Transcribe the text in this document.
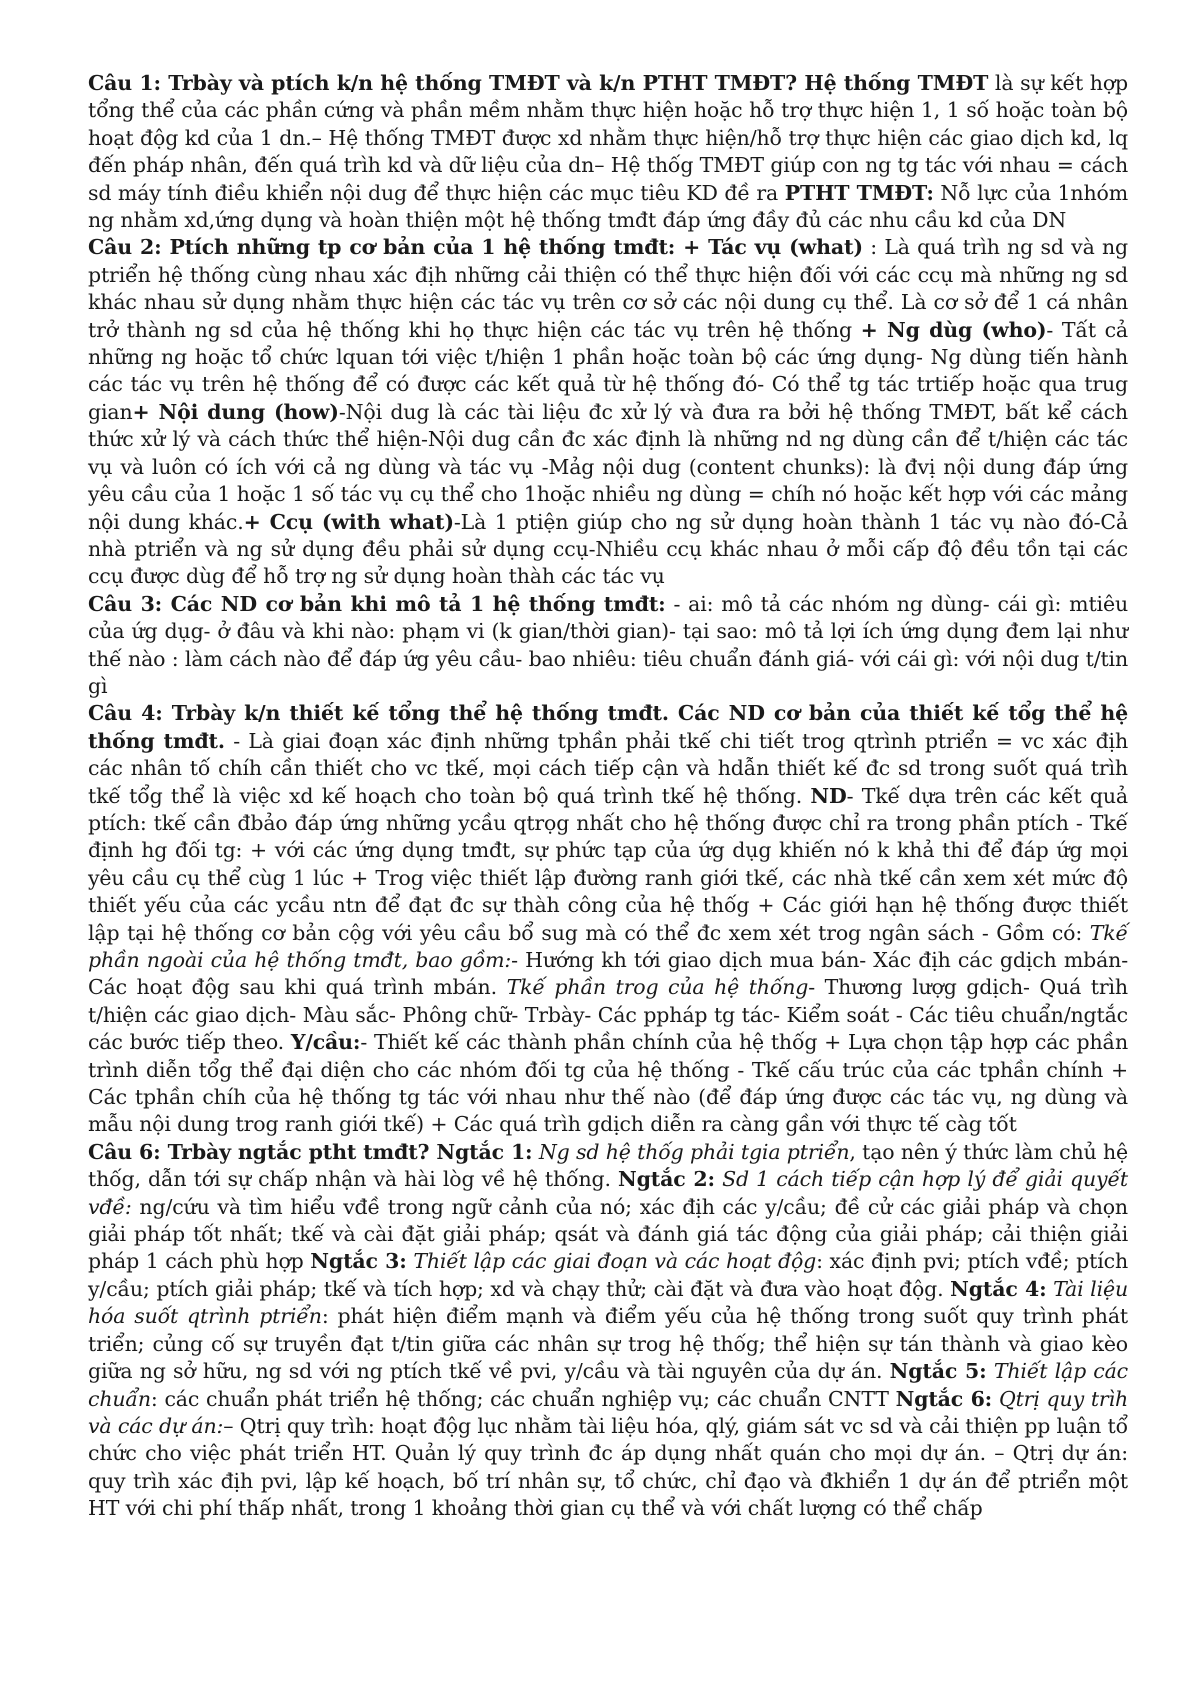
Câu 1: Trbày và ptích k/n hệ thống TMĐT và k/n PTHT TMĐT? Hệ thống TMĐT là sự kết hợp tổng thể của các phần cứng và phần mềm nhằm thực hiện hoặc hỗ trợ thực hiện 1, 1 số hoặc toàn bộ hoạt độg kd của 1 dn.– Hệ thống TMĐT được xd nhằm thực hiện/hỗ trợ thực hiện các giao dịch kd, lq đến pháp nhân, đến quá trìh kd và dữ liệu của dn– Hệ thốg TMĐT giúp con ng tg tác với nhau = cách sd máy tính điều khiển nội dug để thực hiện các mục tiêu KD đề ra PTHT TMĐT: Nỗ lực của 1nhóm ng nhằm xd,ứng dụng và hoàn thiện một hệ thống tmđt đáp ứng đầy đủ các nhu cầu kd của DN

Câu 2: Ptích những tp cơ bản của 1 hệ thống tmđt: + Tác vụ (what) : Là quá trìh ng sd và ng ptriển hệ thống cùng nhau xác địh những cải thiện có thể thực hiện đối với các ccụ mà những ng sd khác nhau sử dụng nhằm thực hiện các tác vụ trên cơ sở các nội dung cụ thể. Là cơ sở để 1 cá nhân trở thành ng sd của hệ thống khi họ thực hiện các tác vụ trên hệ thống + Ng dùg (who)- Tất cả những ng hoặc tổ chức lquan tới việc t/hiện 1 phần hoặc toàn bộ các ứng dụng- Ng dùng tiến hành các tác vụ trên hệ thống để có được các kết quả từ hệ thống đó- Có thể tg tác trtiếp hoặc qua trug gian+ Nội dung (how)-Nội dug là các tài liệu đc xử lý và đưa ra bởi hệ thống TMĐT, bất kể cách thức xử lý và cách thức thể hiện-Nội dug cần đc xác định là những nd ng dùng cần để t/hiện các tác vụ và luôn có ích với cả ng dùng và tác vụ -Mảg nội dug (content chunks): là đvị nội dung đáp ứng yêu cầu của 1 hoặc 1 số tác vụ cụ thể cho 1hoặc nhiều ng dùng = chíh nó hoặc kết hợp với các mảng nội dung khác.+ Ccụ (with what)-Là 1 ptiện giúp cho ng sử dụng hoàn thành 1 tác vụ nào đó-Cả nhà ptriển và ng sử dụng đều phải sử dụng ccụ-Nhiều ccụ khác nhau ở mỗi cấp độ đều tồn tại các ccụ được dùg để hỗ trợ ng sử dụng hoàn thàh các tác vụ

Câu 3: Các ND cơ bản khi mô tả 1 hệ thống tmđt: - ai: mô tả các nhóm ng dùng- cái gì: mtiêu của ứg dụg- ở đâu và khi nào: phạm vi (k gian/thời gian)- tại sao: mô tả lợi ích ứng dụng đem lại như thế nào : làm cách nào để đáp ứg yêu cầu- bao nhiêu: tiêu chuẩn đánh giá- với cái gì: với nội dug t/tin gì

Câu 4: Trbày k/n thiết kế tổng thể hệ thống tmđt. Các ND cơ bản của thiết kế tổg thể hệ thống tmđt. - Là giai đoạn xác định những tphần phải tkế chi tiết trog qtrình ptriển = vc xác địh các nhân tố chíh cần thiết cho vc tkế, mọi cách tiếp cận và hdẫn thiết kế đc sd trong suốt quá trìh tkế tổg thể là việc xd kế hoạch cho toàn bộ quá trình tkế hệ thống. ND- Tkế dựa trên các kết quả ptích: tkế cần đbảo đáp ứng những ycầu qtrọg nhất cho hệ thống được chỉ ra trong phần ptích - Tkế định hg đối tg: + với các ứng dụng tmđt, sự phức tạp của ứg dụg khiến nó k khả thi để đáp ứg mọi yêu cầu cụ thể cùg 1 lúc + Trog việc thiết lập đường ranh giới tkế, các nhà tkế cần xem xét mức độ thiết yếu của các ycầu ntn để đạt đc sự thàh công của hệ thốg + Các giới hạn hệ thống được thiết lập tại hệ thống cơ bản cộg với yêu cầu bổ sug mà có thể đc xem xét trog ngân sách - Gồm có: Tkế phần ngoài của hệ thống tmđt, bao gồm:- Hướng kh tới giao dịch mua bán- Xác địh các gdịch mbán- Các hoạt độg sau khi quá trình mbán. Tkế phần trog của hệ thống- Thương lượg gdịch- Quá trìh t/hiện các giao dịch- Màu sắc- Phông chữ- Trbày- Các ppháp tg tác- Kiểm soát - Các tiêu chuẩn/ngtắc các bước tiếp theo. Y/cầu:- Thiết kế các thành phần chính của hệ thốg + Lựa chọn tập hợp các phần trình diễn tổg thể đại diện cho các nhóm đối tg của hệ thống - Tkế cấu trúc của các tphần chính + Các tphần chíh của hệ thống tg tác với nhau như thế nào (để đáp ứng được các tác vụ, ng dùng và mẫu nội dung trog ranh giới tkế) + Các quá trìh gdịch diễn ra càng gần với thực tế càg tốt

Câu 6: Trbày ngtắc ptht tmđt? Ngtắc 1: Ng sd hệ thốg phải tgia ptriển, tạo nên ý thức làm chủ hệ thốg, dẫn tới sự chấp nhận và hài lòg về hệ thống. Ngtắc 2: Sd 1 cách tiếp cận hợp lý để giải quyết vđề: ng/cứu và tìm hiểu vđề trong ngữ cảnh của nó; xác địh các y/cầu; đề cử các giải pháp và chọn giải pháp tốt nhất; tkế và cài đặt giải pháp; qsát và đánh giá tác động của giải pháp; cải thiện giải pháp 1 cách phù hợp Ngtắc 3: Thiết lập các giai đoạn và các hoạt độg: xác định pvi; ptích vđề; ptích y/cầu; ptích giải pháp; tkế và tích hợp; xd và chạy thử; cài đặt và đưa vào hoạt độg. Ngtắc 4: Tài liệu hóa suốt qtrình ptriển: phát hiện điểm mạnh và điểm yếu của hệ thống trong suốt quy trình phát triển; củng cố sự truyền đạt t/tin giữa các nhân sự trog hệ thốg; thể hiện sự tán thành và giao kèo giữa ng sở hữu, ng sd với ng ptích tkế về pvi, y/cầu và tài nguyên của dự án. Ngtắc 5: Thiết lập các chuẩn: các chuẩn phát triển hệ thống; các chuẩn nghiệp vụ; các chuẩn CNTT Ngtắc 6: Qtrị quy trìh và các dự án:– Qtrị quy trìh: hoạt độg lục nhằm tài liệu hóa, qlý, giám sát vc sd và cải thiện pp luận tổ chức cho việc phát triển HT. Quản lý quy trình đc áp dụng nhất quán cho mọi dự án. – Qtrị dự án: quy trìh xác địh pvi, lập kế hoạch, bố trí nhân sự, tổ chức, chỉ đạo và đkhiển 1 dự án để ptriển một HT với chi phí thấp nhất, trong 1 khoảng thời gian cụ thể và với chất lượng có thể chấp
